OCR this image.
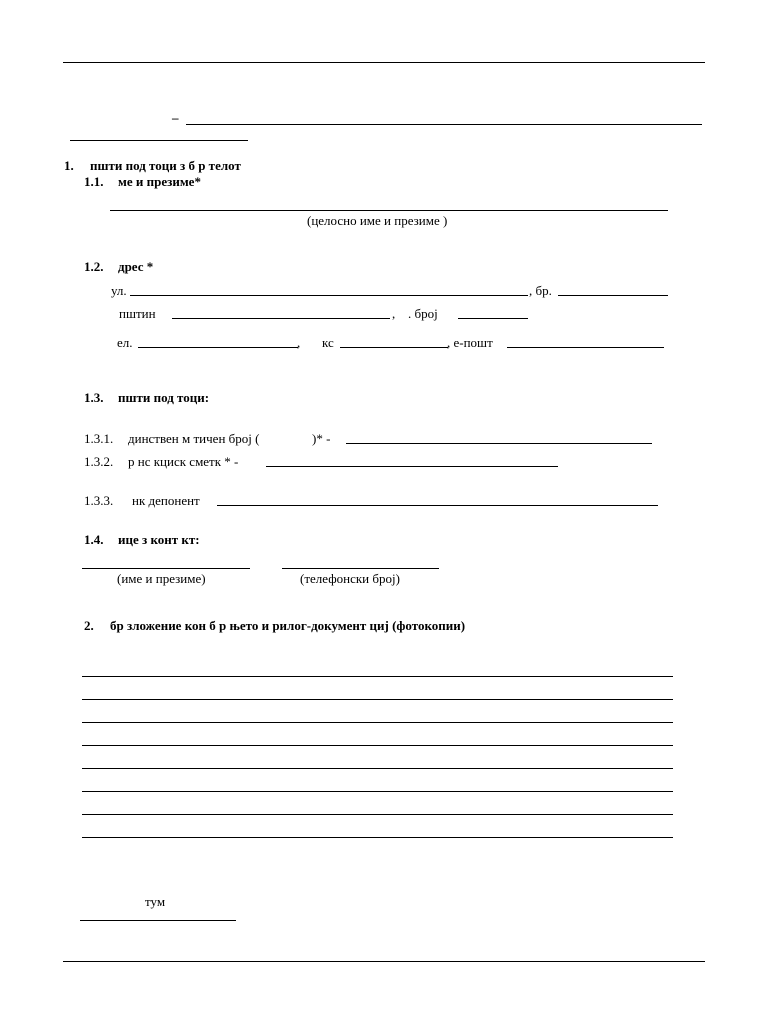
–
1. пшти под тоци з б р телот
1.1. ме и презиме*
(целосно име и презиме )
1.2. дрес *
ул.	, бр.
пштин	, . број
ел.	, кс	, е-пошт
1.3. пшти под тоци:
1.3.1. динствен м тичен број (	)* -
1.3.2. р нс кциск сметк * -
1.3.3. нк депонент
1.4. ице з конт кт:
(име и презиме)	(телефонски број)
2. бр зложение кон б р њето и рилог-документ циј (фотокопии)
тум
